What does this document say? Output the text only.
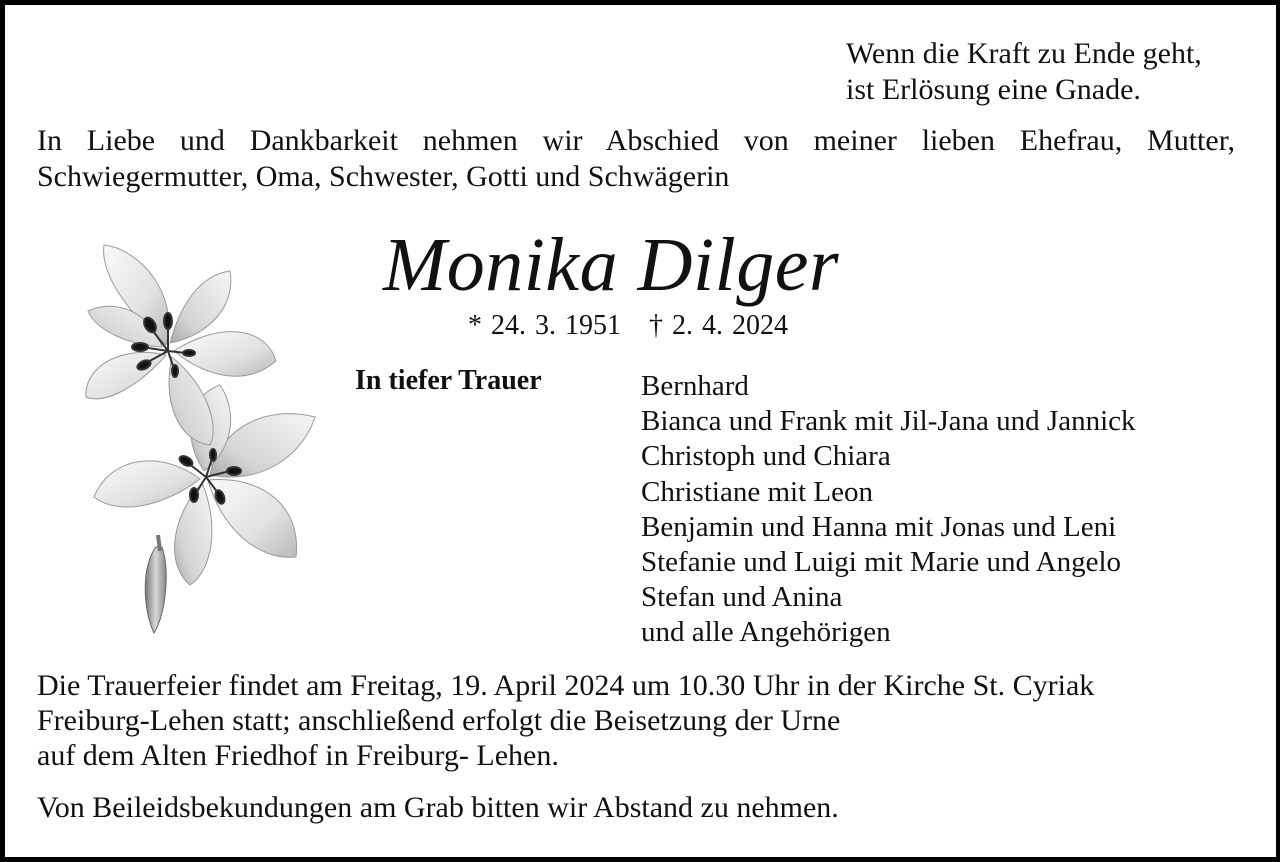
Wenn die Kraft zu Ende geht,
ist Erlösung eine Gnade.
In Liebe und Dankbarkeit nehmen wir Abschied von meiner lieben Ehefrau, Mutter, Schwiegermutter, Oma, Schwester, Gotti und Schwägerin
Monika Dilger
* 24. 3. 1951 † 2. 4. 2024
In tiefer Trauer	Bernhard
Bianca und Frank mit Jil-Jana und Jannick
Christoph und Chiara
Christiane mit Leon
Benjamin und Hanna mit Jonas und Leni
Stefanie und Luigi mit Marie und Angelo
Stefan und Anina
und alle Angehörigen
Die Trauerfeier findet am Freitag, 19. April 2024 um 10.30 Uhr in der Kirche St. Cyriak
Freiburg-Lehen statt; anschließend erfolgt die Beisetzung der Urne
auf dem Alten Friedhof in Freiburg- Lehen.
Von Beileidsbekundungen am Grab bitten wir Abstand zu nehmen.
